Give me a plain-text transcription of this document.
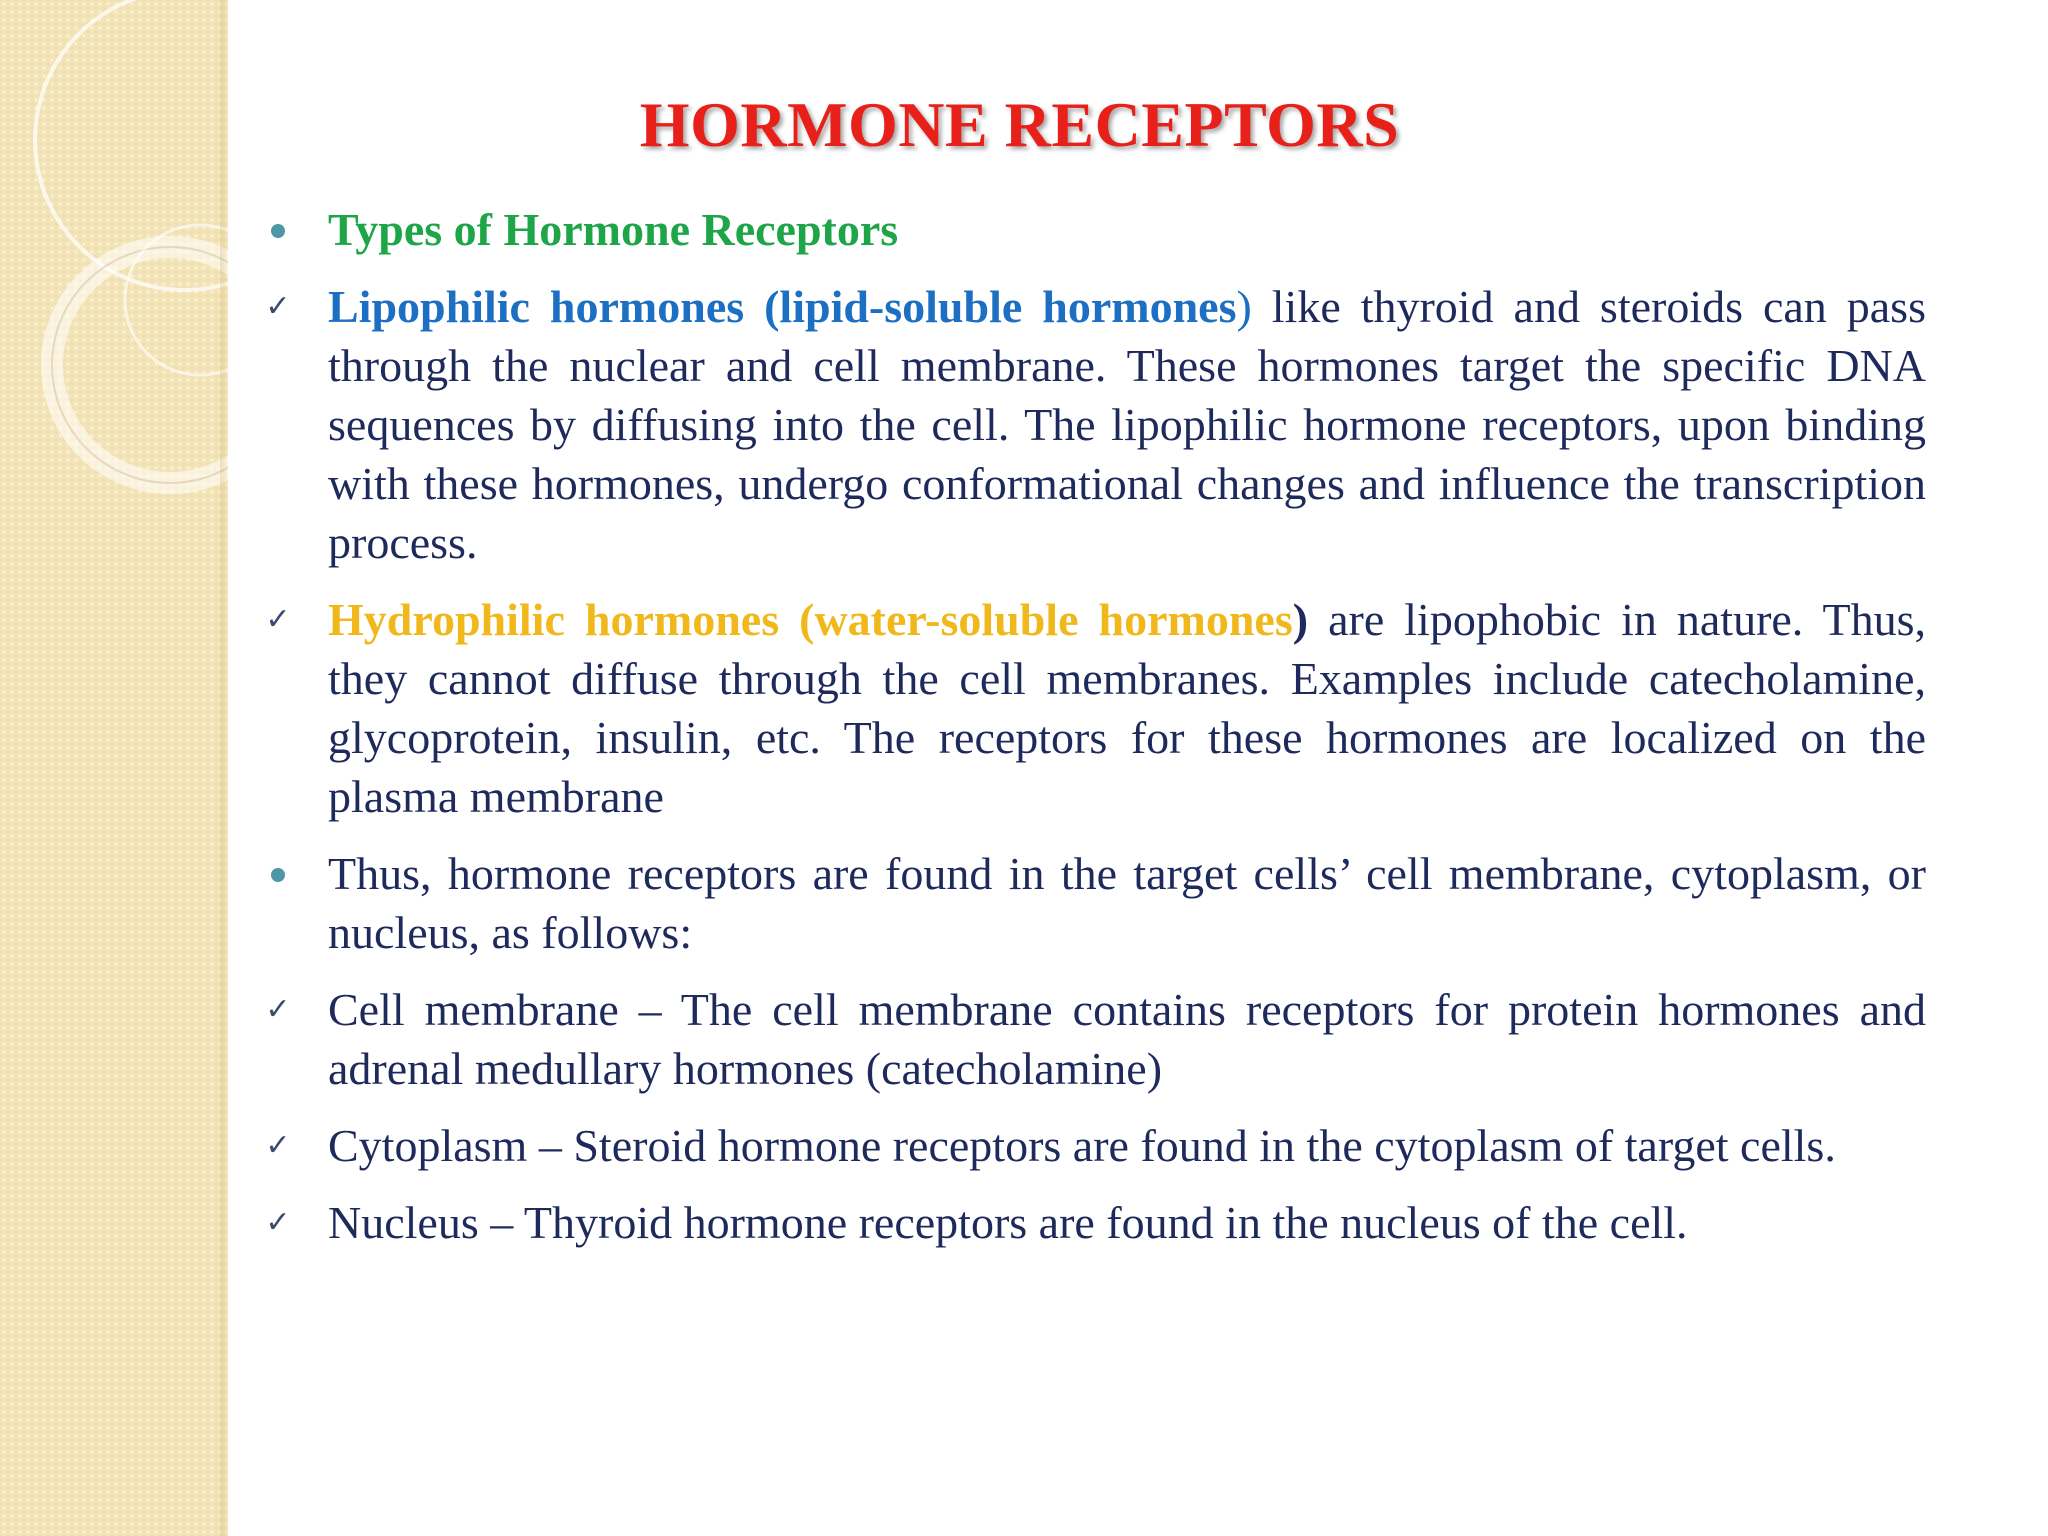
HORMONE RECEPTORS
Types of Hormone Receptors
✓ Lipophilic hormones (lipid-soluble hormones) like thyroid and steroids can pass through the nuclear and cell membrane. These hormones target the specific DNA sequences by diffusing into the cell. The lipophilic hormone receptors, upon binding with these hormones, undergo conformational changes and influence the transcription process.
✓ Hydrophilic hormones (water-soluble hormones) are lipophobic in nature. Thus, they cannot diffuse through the cell membranes. Examples include catecholamine, glycoprotein, insulin, etc. The receptors for these hormones are localized on the plasma membrane
Thus, hormone receptors are found in the target cells’ cell membrane, cytoplasm, or nucleus, as follows:
✓ Cell membrane – The cell membrane contains receptors for protein hormones and adrenal medullary hormones (catecholamine)
✓ Cytoplasm – Steroid hormone receptors are found in the cytoplasm of target cells.
✓ Nucleus – Thyroid hormone receptors are found in the nucleus of the cell.
